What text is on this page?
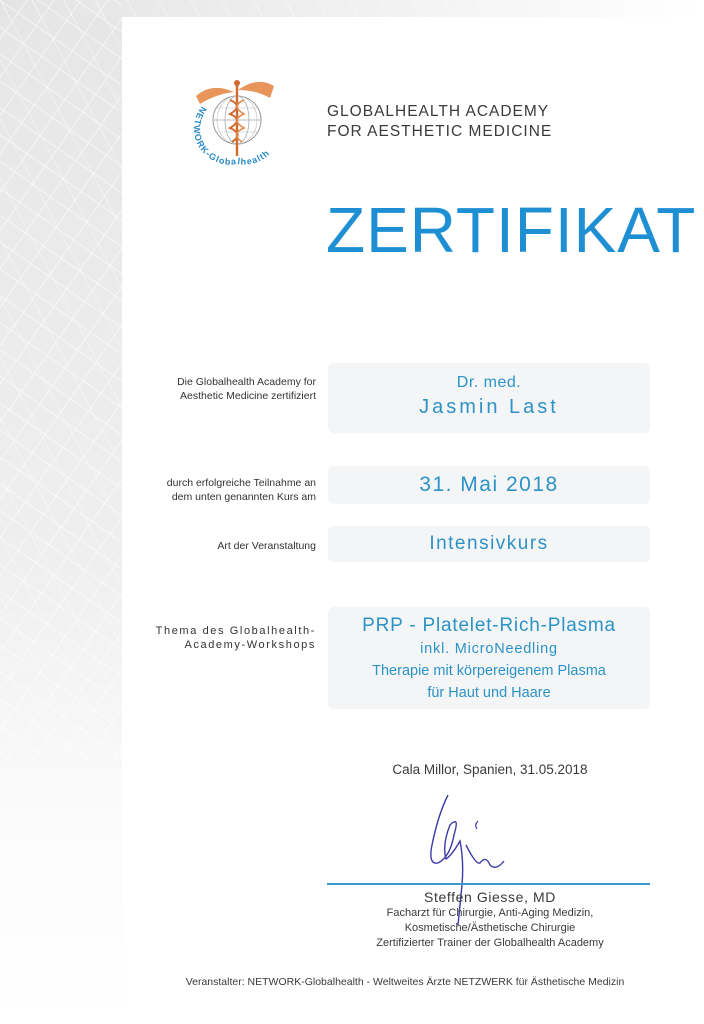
NETWORK-Globalhealth
GLOBALHEALTH ACADEMY
FOR AESTHETIC MEDICINE
ZERTIFIKAT
Die Globalhealth Academy for
Aesthetic Medicine zertifiziert
Dr. med.
Jasmin Last
durch erfolgreiche Teilnahme an
dem unten genannten Kurs am
31. Mai 2018
Art der Veranstaltung	Intensivkurs
Thema des Globalhealth-
Academy-Workshops
PRP - Platelet-Rich-Plasma
inkl. MicroNeedling
Therapie mit körpereigenem Plasma
für Haut und Haare
Cala Millor, Spanien, 31.05.2018
Steffen Giesse, MD
Facharzt für Chirurgie, Anti-Aging Medizin,
Kosmetische/Ästhetische Chirurgie
Zertifizierter Trainer der Globalhealth Academy
Veranstalter: NETWORK-Globalhealth - Weltweites Ärzte NETZWERK für Ästhetische Medizin
